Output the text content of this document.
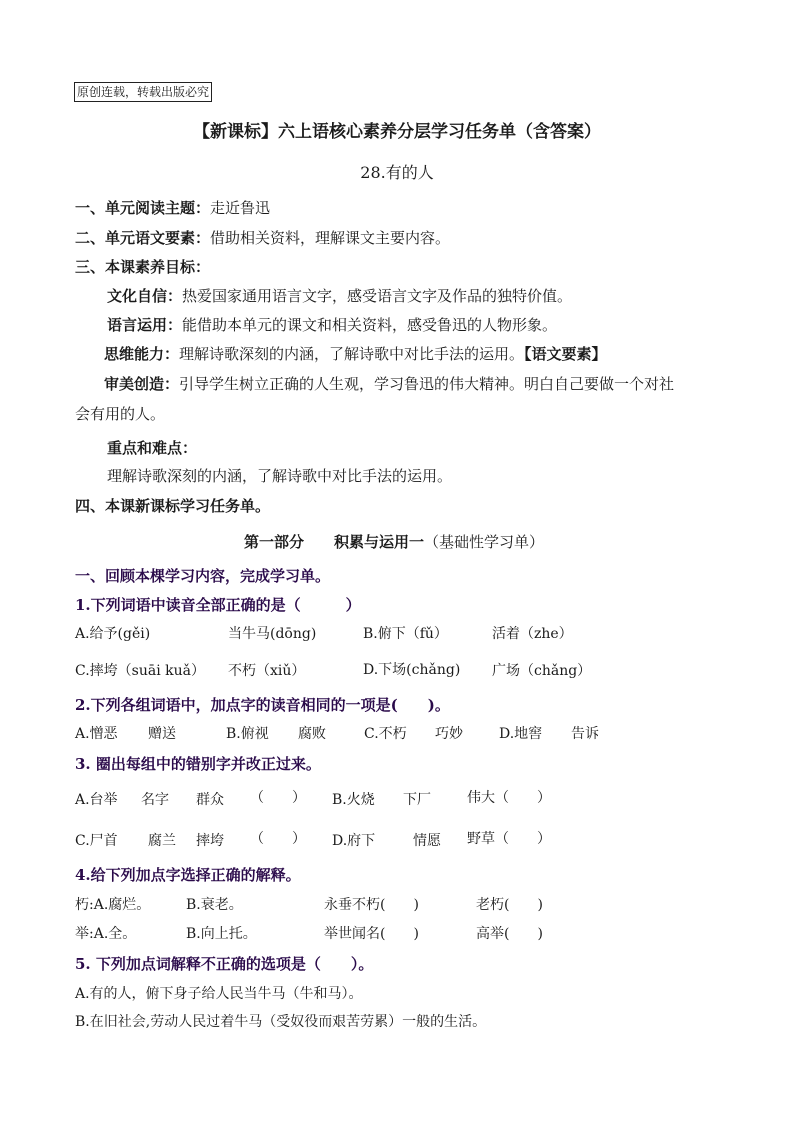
原创连载，转载出版必究
【新课标】六上语核心素养分层学习任务单（含答案）
28.有的人
一、单元阅读主题：走近鲁迅
二、单元语文要素：借助相关资料，理解课文主要内容。
三、本课素养目标：
文化自信：热爱国家通用语言文字，感受语言文字及作品的独特价值。
语言运用：能借助本单元的课文和相关资料，感受鲁迅的人物形象。
思维能力：理解诗歌深刻的内涵，了解诗歌中对比手法的运用。【语文要素】
审美创造：引导学生树立正确的人生观，学习鲁迅的伟大精神。明白自己要做一个对社
会有用的人。
重点和难点：
理解诗歌深刻的内涵，了解诗歌中对比手法的运用。
四、本课新课标学习任务单。
第一部分 积累与运用一（基础性学习单）
一、回顾本棵学习内容，完成学习单。
1.下列词语中读音全部正确的是（　　　）
A.给予(gěi)	当牛马(dōng)	B.俯下（fǔ）	活着（zhe）
C.摔垮（suāi kuǎ） 不朽（xiǔ）	D.下场(chǎng) 广场（chǎng）
2.下列各组词语中，加点字的读音相同的一项是(　　)。
A.憎恶 赠送	B.俯视 腐败	C.不朽 巧妙	D.地窖 告诉
3. 圈出每组中的错别字并改正过来。
A.台举 名字 群众 （　　） B.火烧 下厂	伟大（　　）
C.尸首 腐兰 摔垮 （　　） D.府下	情愿 野草（　　）
4.给下列加点字选择正确的解释。
朽:A.腐烂。	B.衰老。	永垂不朽(　　)	老朽(　　)
举:A.全。	B.向上托。	举世闻名(　　)	高举(　　)
5. 下列加点词解释不正确的选项是（　　）。
A.有的人，俯下身子给人民当牛马（牛和马）。
B.在旧社会,劳动人民过着牛马（受奴役而艰苦劳累）一般的生活。
